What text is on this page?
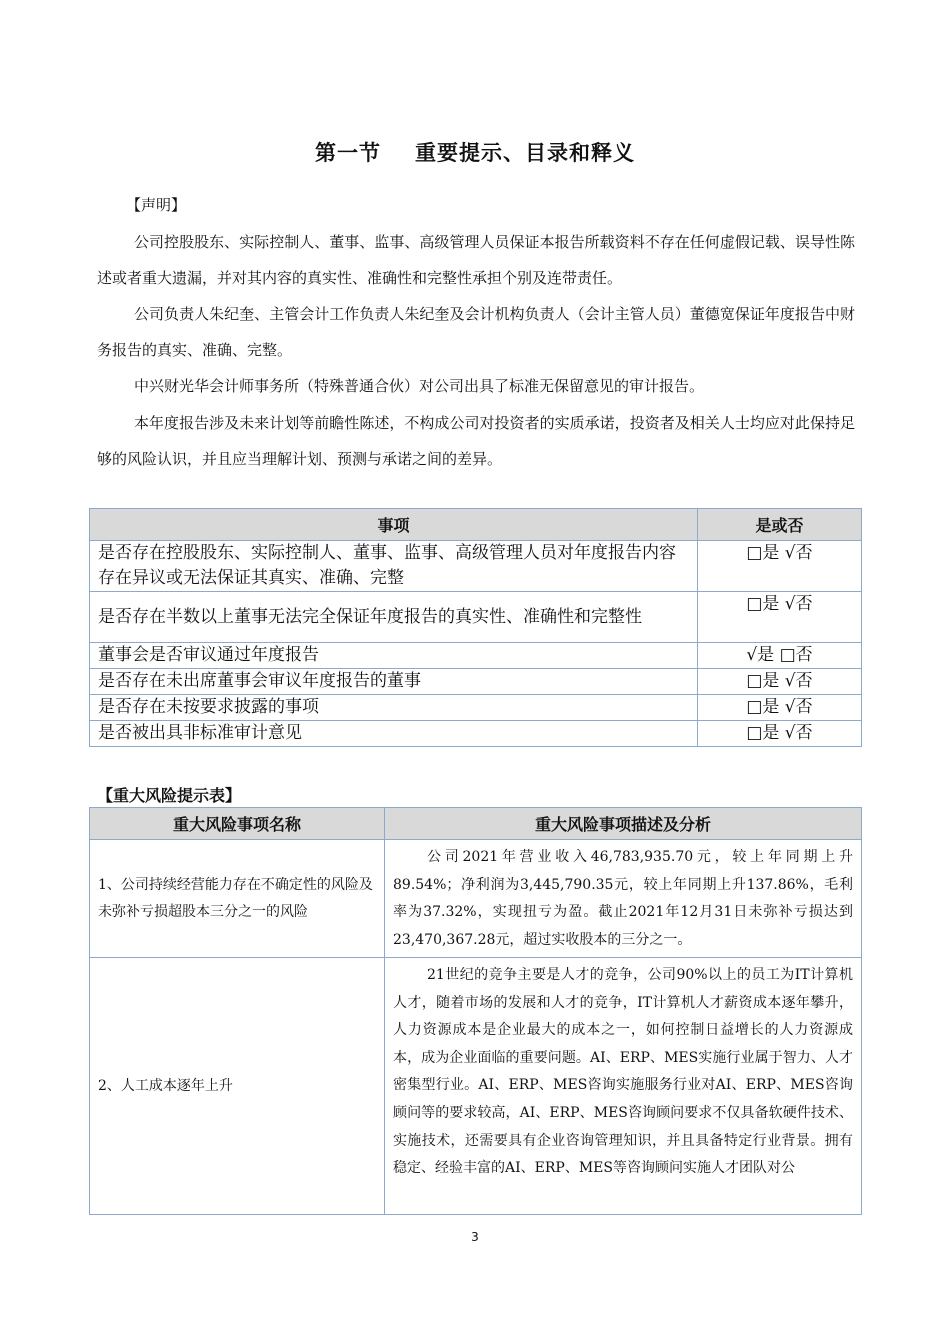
第一节 重要提示、目录和释义
【声明】
公司控股股东、实际控制人、董事、监事、高级管理人员保证本报告所载资料不存在任何虚假记载、误导性陈述或者重大遗漏，并对其内容的真实性、准确性和完整性承担个别及连带责任。
公司负责人朱纪奎、主管会计工作负责人朱纪奎及会计机构负责人（会计主管人员）董德宽保证年度报告中财务报告的真实、准确、完整。
中兴财光华会计师事务所（特殊普通合伙）对公司出具了标准无保留意见的审计报告。
本年度报告涉及未来计划等前瞻性陈述，不构成公司对投资者的实质承诺，投资者及相关人士均应对此保持足够的风险认识，并且应当理解计划、预测与承诺之间的差异。
事项	是或否
是否存在控股股东、实际控制人、董事、监事、高级管理人员对年度报告内容存在异议或无法保证其真实、准确、完整	□是 √否
是否存在半数以上董事无法完全保证年度报告的真实性、准确性和完整性	□是 √否
董事会是否审议通过年度报告	√是 □否
是否存在未出席董事会审议年度报告的董事	□是 √否
是否存在未按要求披露的事项	□是 √否
是否被出具非标准审计意见	□是 √否
【重大风险提示表】
重大风险事项名称	重大风险事项描述及分析
1、公司持续经营能力存在不确定性的风险及未弥补亏损超股本三分之一的风险	公司2021年营业收入46,783,935.70元，较上年同期上升89.54%；净利润为3,445,790.35元，较上年同期上升137.86%，毛利率为37.32%，实现扭亏为盈。截止2021年12月31日未弥补亏损达到23,470,367.28元，超过实收股本的三分之一。
2、人工成本逐年上升	21世纪的竞争主要是人才的竞争，公司90%以上的员工为IT计算机人才，随着市场的发展和人才的竞争，IT计算机人才薪资成本逐年攀升，人力资源成本是企业最大的成本之一，如何控制日益增长的人力资源成本，成为企业面临的重要问题。AI、ERP、MES实施行业属于智力、人才密集型行业。AI、ERP、MES咨询实施服务行业对AI、ERP、MES咨询顾问等的要求较高，AI、ERP、MES咨询顾问要求不仅具备软硬件技术、实施技术，还需要具有企业咨询管理知识，并且具备特定行业背景。拥有稳定、经验丰富的AI、ERP、MES等咨询顾问实施人才团队对公
3
